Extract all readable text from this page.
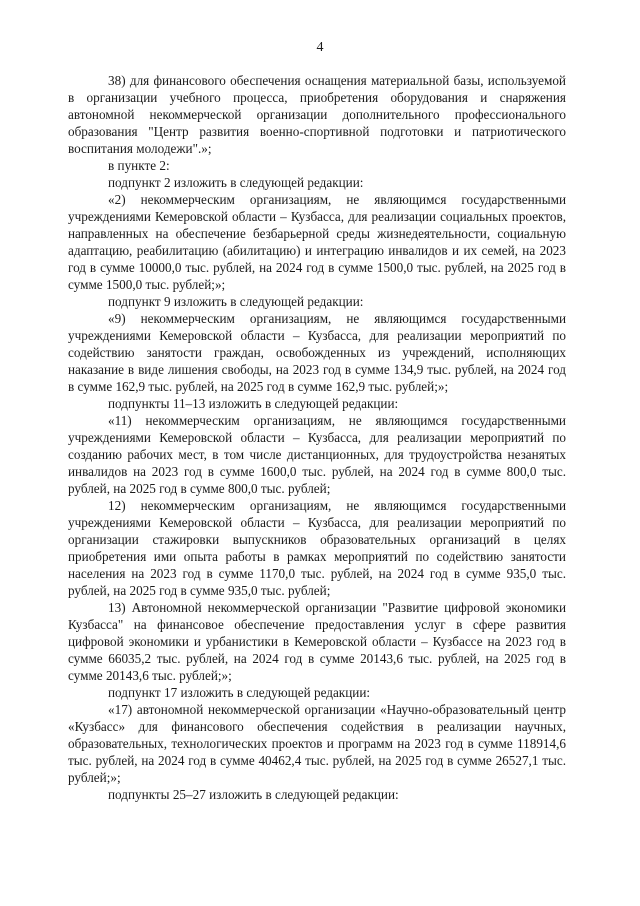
4

38) для финансового обеспечения оснащения материальной базы, используемой в организации учебного процесса, приобретения оборудования и снаряжения автономной некоммерческой организации дополнительного профессионального образования "Центр развития военно-спортивной подготовки и патриотического воспитания молодежи".»;

в пункте 2:

подпункт 2 изложить в следующей редакции:

«2) некоммерческим организациям, не являющимся государственными учреждениями Кемеровской области – Кузбасса, для реализации социальных проектов, направленных на обеспечение безбарьерной среды жизнедеятельности, социальную адаптацию, реабилитацию (абилитацию) и интеграцию инвалидов и их семей, на 2023 год в сумме 10000,0 тыс. рублей, на 2024 год в сумме 1500,0 тыс. рублей, на 2025 год в сумме 1500,0 тыс. рублей;»;

подпункт 9 изложить в следующей редакции:

«9) некоммерческим организациям, не являющимся государственными учреждениями Кемеровской области – Кузбасса, для реализации мероприятий по содействию занятости граждан, освобожденных из учреждений, исполняющих наказание в виде лишения свободы, на 2023 год в сумме 134,9 тыс. рублей, на 2024 год в сумме 162,9 тыс. рублей, на 2025 год в сумме 162,9 тыс. рублей;»;

подпункты 11–13 изложить в следующей редакции:

«11) некоммерческим организациям, не являющимся государственными учреждениями Кемеровской области – Кузбасса, для реализации мероприятий по созданию рабочих мест, в том числе дистанционных, для трудоустройства незанятых инвалидов на 2023 год в сумме 1600,0 тыс. рублей, на 2024 год в сумме 800,0 тыс. рублей, на 2025 год в сумме 800,0 тыс. рублей;

12) некоммерческим организациям, не являющимся государственными учреждениями Кемеровской области – Кузбасса, для реализации мероприятий по организации стажировки выпускников образовательных организаций в целях приобретения ими опыта работы в рамках мероприятий по содействию занятости населения на 2023 год в сумме 1170,0 тыс. рублей, на 2024 год в сумме 935,0 тыс. рублей, на 2025 год в сумме 935,0 тыс. рублей;

13) Автономной некоммерческой организации "Развитие цифровой экономики Кузбасса" на финансовое обеспечение предоставления услуг в сфере развития цифровой экономики и урбанистики в Кемеровской области – Кузбассе на 2023 год в сумме 66035,2 тыс. рублей, на 2024 год в сумме 20143,6 тыс. рублей, на 2025 год в сумме 20143,6 тыс. рублей;»;

подпункт 17 изложить в следующей редакции:

«17) автономной некоммерческой организации «Научно-образовательный центр «Кузбасс» для финансового обеспечения содействия в реализации научных, образовательных, технологических проектов и программ на 2023 год в сумме 118914,6 тыс. рублей, на 2024 год в сумме 40462,4 тыс. рублей, на 2025 год в сумме 26527,1 тыс. рублей;»;

подпункты 25–27 изложить в следующей редакции:
